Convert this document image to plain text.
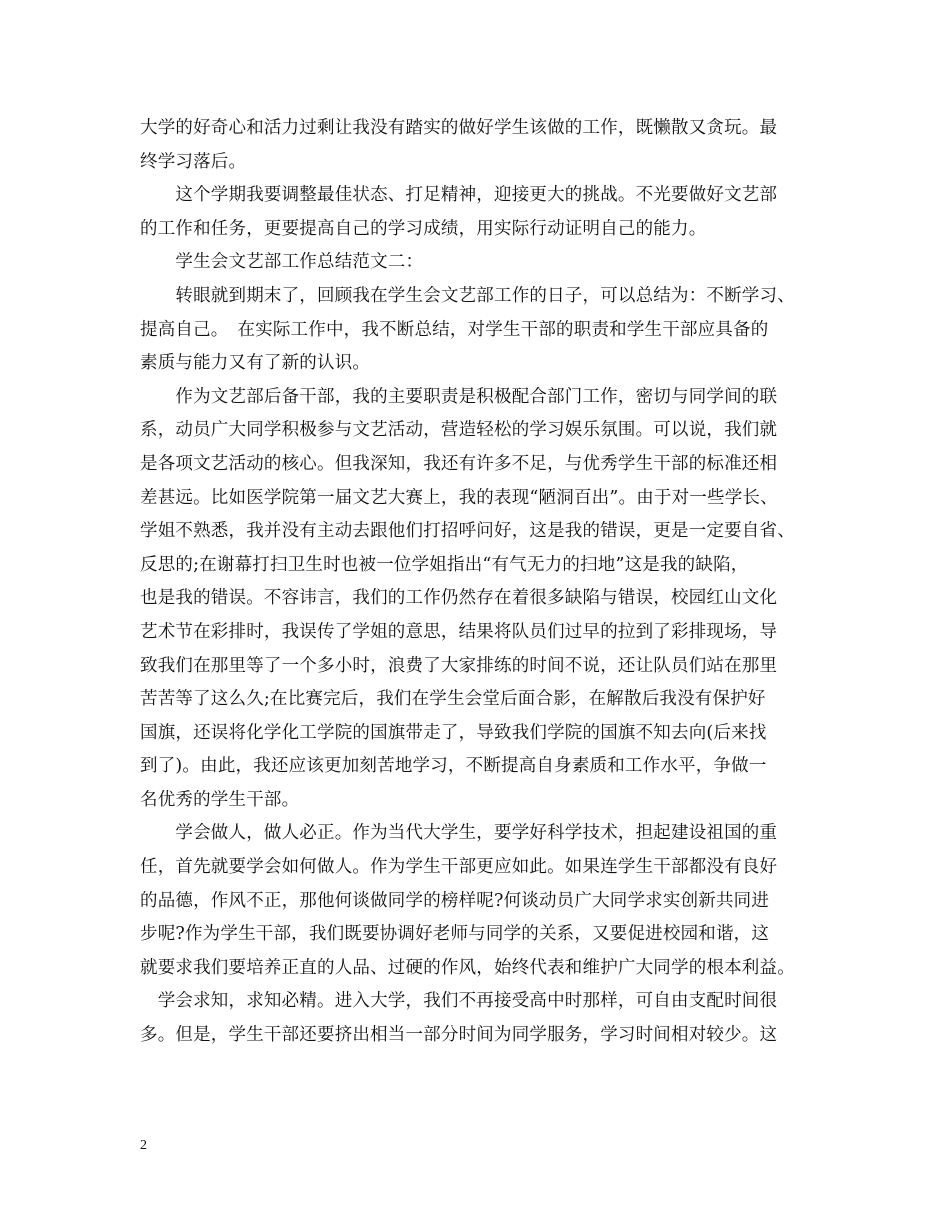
大学的好奇心和活力过剩让我没有踏实的做好学生该做的工作，既懒散又贪玩。最
终学习落后。
　　这个学期我要调整最佳状态、打足精神，迎接更大的挑战。不光要做好文艺部
的工作和任务，更要提高自己的学习成绩，用实际行动证明自己的能力。
　　学生会文艺部工作总结范文二：
　　转眼就到期末了，回顾我在学生会文艺部工作的日子，可以总结为：不断学习、
提高自己。　在实际工作中，我不断总结，对学生干部的职责和学生干部应具备的
素质与能力又有了新的认识。
　　作为文艺部后备干部，我的主要职责是积极配合部门工作，密切与同学间的联
系，动员广大同学积极参与文艺活动，营造轻松的学习娱乐氛围。可以说，我们就
是各项文艺活动的核心。但我深知，我还有许多不足，与优秀学生干部的标准还相
差甚远。比如医学院第一届文艺大赛上，我的表现“陋洞百出”。由于对一些学长、
学姐不熟悉，我并没有主动去跟他们打招呼问好，这是我的错误，更是一定要自省、
反思的;在谢幕打扫卫生时也被一位学姐指出“有气无力的扫地”这是我的缺陷，
也是我的错误。不容讳言，我们的工作仍然存在着很多缺陷与错误，校园红山文化
艺术节在彩排时，我误传了学姐的意思，结果将队员们过早的拉到了彩排现场，导
致我们在那里等了一个多小时，浪费了大家排练的时间不说，还让队员们站在那里
苦苦等了这么久;在比赛完后，我们在学生会堂后面合影，在解散后我没有保护好
国旗，还误将化学化工学院的国旗带走了，导致我们学院的国旗不知去向(后来找
到了)。由此，我还应该更加刻苦地学习，不断提高自身素质和工作水平，争做一
名优秀的学生干部。
　　学会做人，做人必正。作为当代大学生，要学好科学技术，担起建设祖国的重
任，首先就要学会如何做人。作为学生干部更应如此。如果连学生干部都没有良好
的品德，作风不正，那他何谈做同学的榜样呢?何谈动员广大同学求实创新共同进
步呢?作为学生干部，我们既要协调好老师与同学的关系，又要促进校园和谐，这
就要求我们要培养正直的人品、过硬的作风，始终代表和维护广大同学的根本利益。
　学会求知，求知必精。进入大学，我们不再接受高中时那样，可自由支配时间很
多。但是，学生干部还要挤出相当一部分时间为同学服务，学习时间相对较少。这
2
